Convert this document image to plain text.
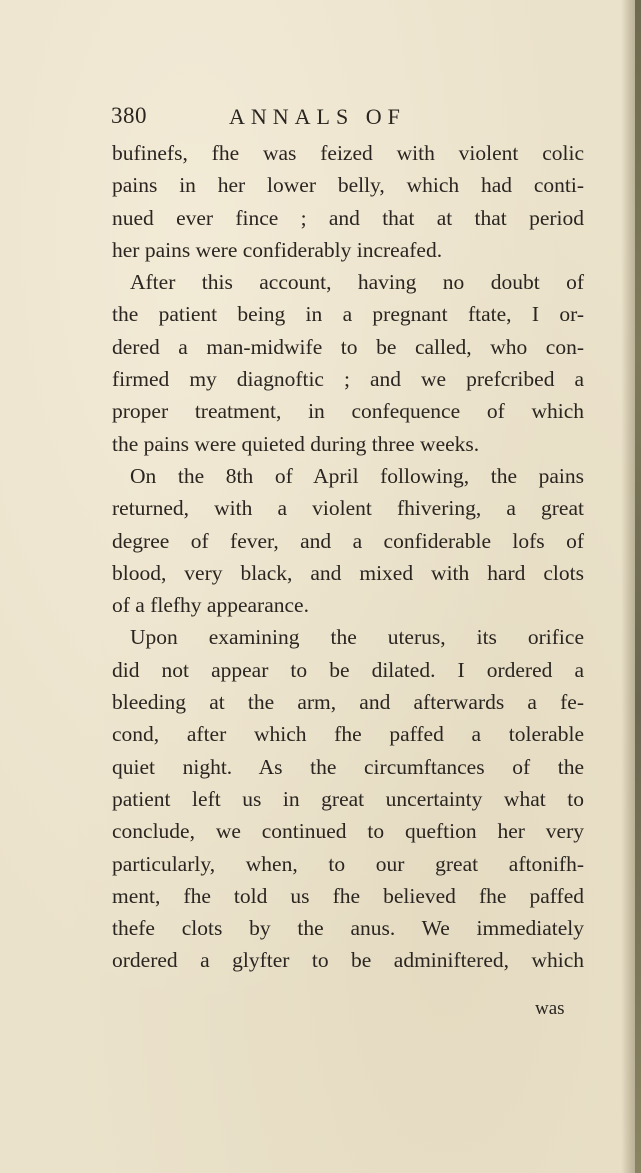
380	ANNALS OF
bufinefs, fhe was feized with violent colic
pains in her lower belly, which had conti-
nued ever fince ; and that at that period
her pains were confiderably increafed.
After this account, having no doubt of
the patient being in a pregnant ftate, I or-
dered a man-midwife to be called, who con-
firmed my diagnoftic ; and we prefcribed a
proper treatment, in confequence of which
the pains were quieted during three weeks.
On the 8th of April following, the pains
returned, with a violent fhivering, a great
degree of fever, and a confiderable lofs of
blood, very black, and mixed with hard clots
of a flefhy appearance.
Upon examining the uterus, its orifice
did not appear to be dilated. I ordered a
bleeding at the arm, and afterwards a fe-
cond, after which fhe paffed a tolerable
quiet night. As the circumftances of the
patient left us in great uncertainty what to
conclude, we continued to queftion her very
particularly, when, to our great aftonifh-
ment, fhe told us fhe believed fhe paffed
thefe clots by the anus. We immediately
ordered a glyfter to be adminiftered, which
was
